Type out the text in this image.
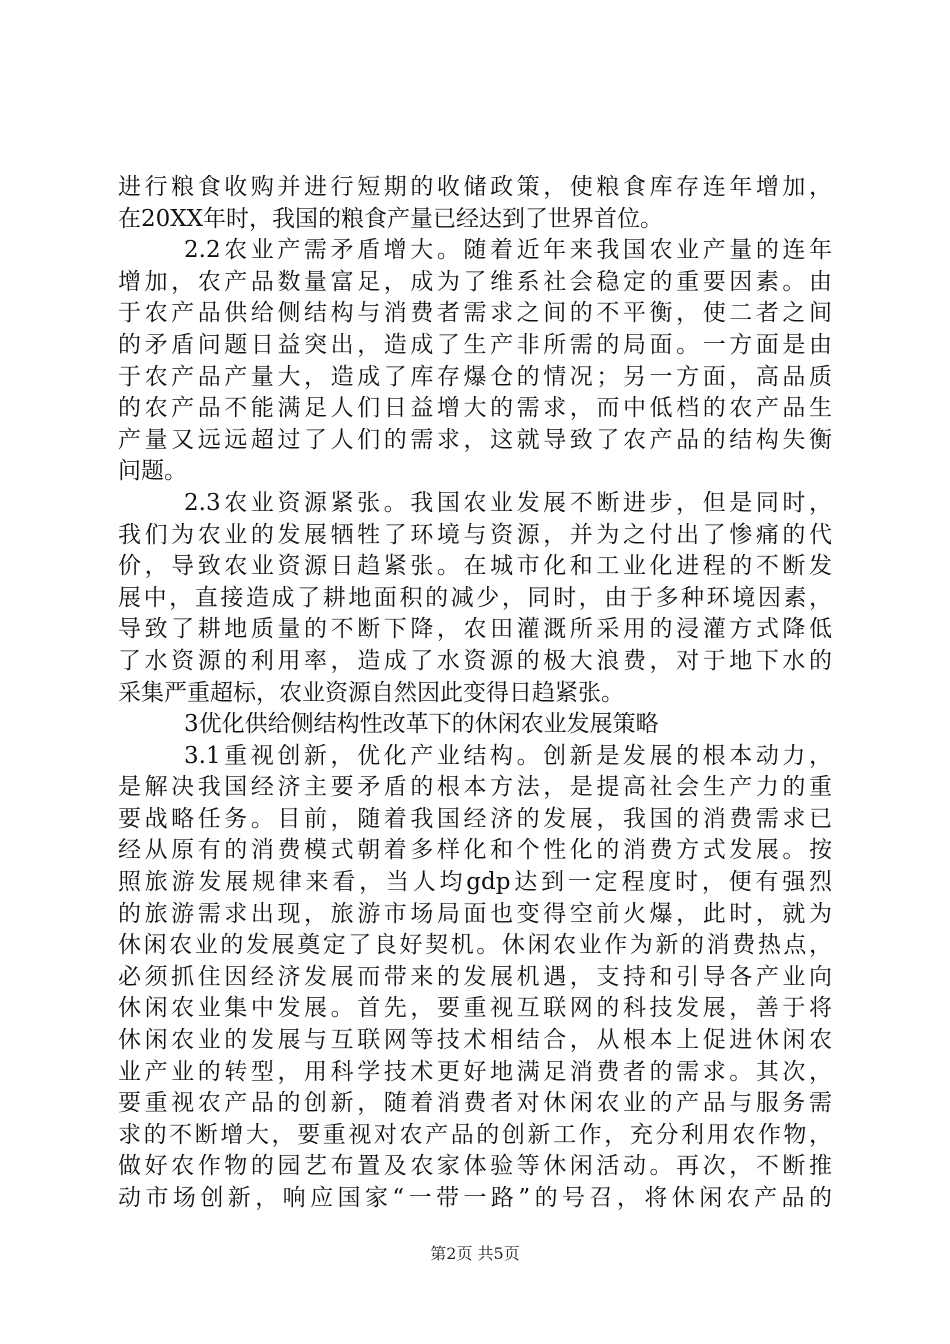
进行粮食收购并进行短期的收储政策，使粮食库存连年增加，
在20XX年时，我国的粮食产量已经达到了世界首位。
2.2农业产需矛盾增大。随着近年来我国农业产量的连年
增加，农产品数量富足，成为了维系社会稳定的重要因素。由
于农产品供给侧结构与消费者需求之间的不平衡，使二者之间
的矛盾问题日益突出，造成了生产非所需的局面。一方面是由
于农产品产量大，造成了库存爆仓的情况；另一方面，高品质
的农产品不能满足人们日益增大的需求，而中低档的农产品生
产量又远远超过了人们的需求，这就导致了农产品的结构失衡
问题。
2.3农业资源紧张。我国农业发展不断进步，但是同时，
我们为农业的发展牺牲了环境与资源，并为之付出了惨痛的代
价，导致农业资源日趋紧张。在城市化和工业化进程的不断发
展中，直接造成了耕地面积的减少，同时，由于多种环境因素，
导致了耕地质量的不断下降，农田灌溉所采用的浸灌方式降低
了水资源的利用率，造成了水资源的极大浪费，对于地下水的
采集严重超标，农业资源自然因此变得日趋紧张。
3优化供给侧结构性改革下的休闲农业发展策略
3.1重视创新，优化产业结构。创新是发展的根本动力，
是解决我国经济主要矛盾的根本方法，是提高社会生产力的重
要战略任务。目前，随着我国经济的发展，我国的消费需求已
经从原有的消费模式朝着多样化和个性化的消费方式发展。按
照旅游发展规律来看，当人均gdp达到一定程度时，便有强烈
的旅游需求出现，旅游市场局面也变得空前火爆，此时，就为
休闲农业的发展奠定了良好契机。休闲农业作为新的消费热点，
必须抓住因经济发展而带来的发展机遇，支持和引导各产业向
休闲农业集中发展。首先，要重视互联网的科技发展，善于将
休闲农业的发展与互联网等技术相结合，从根本上促进休闲农
业产业的转型，用科学技术更好地满足消费者的需求。其次，
要重视农产品的创新，随着消费者对休闲农业的产品与服务需
求的不断增大，要重视对农产品的创新工作，充分利用农作物，
做好农作物的园艺布置及农家体验等休闲活动。再次，不断推
动市场创新，响应国家“一带一路”的号召，将休闲农产品的
第2页 共5页
